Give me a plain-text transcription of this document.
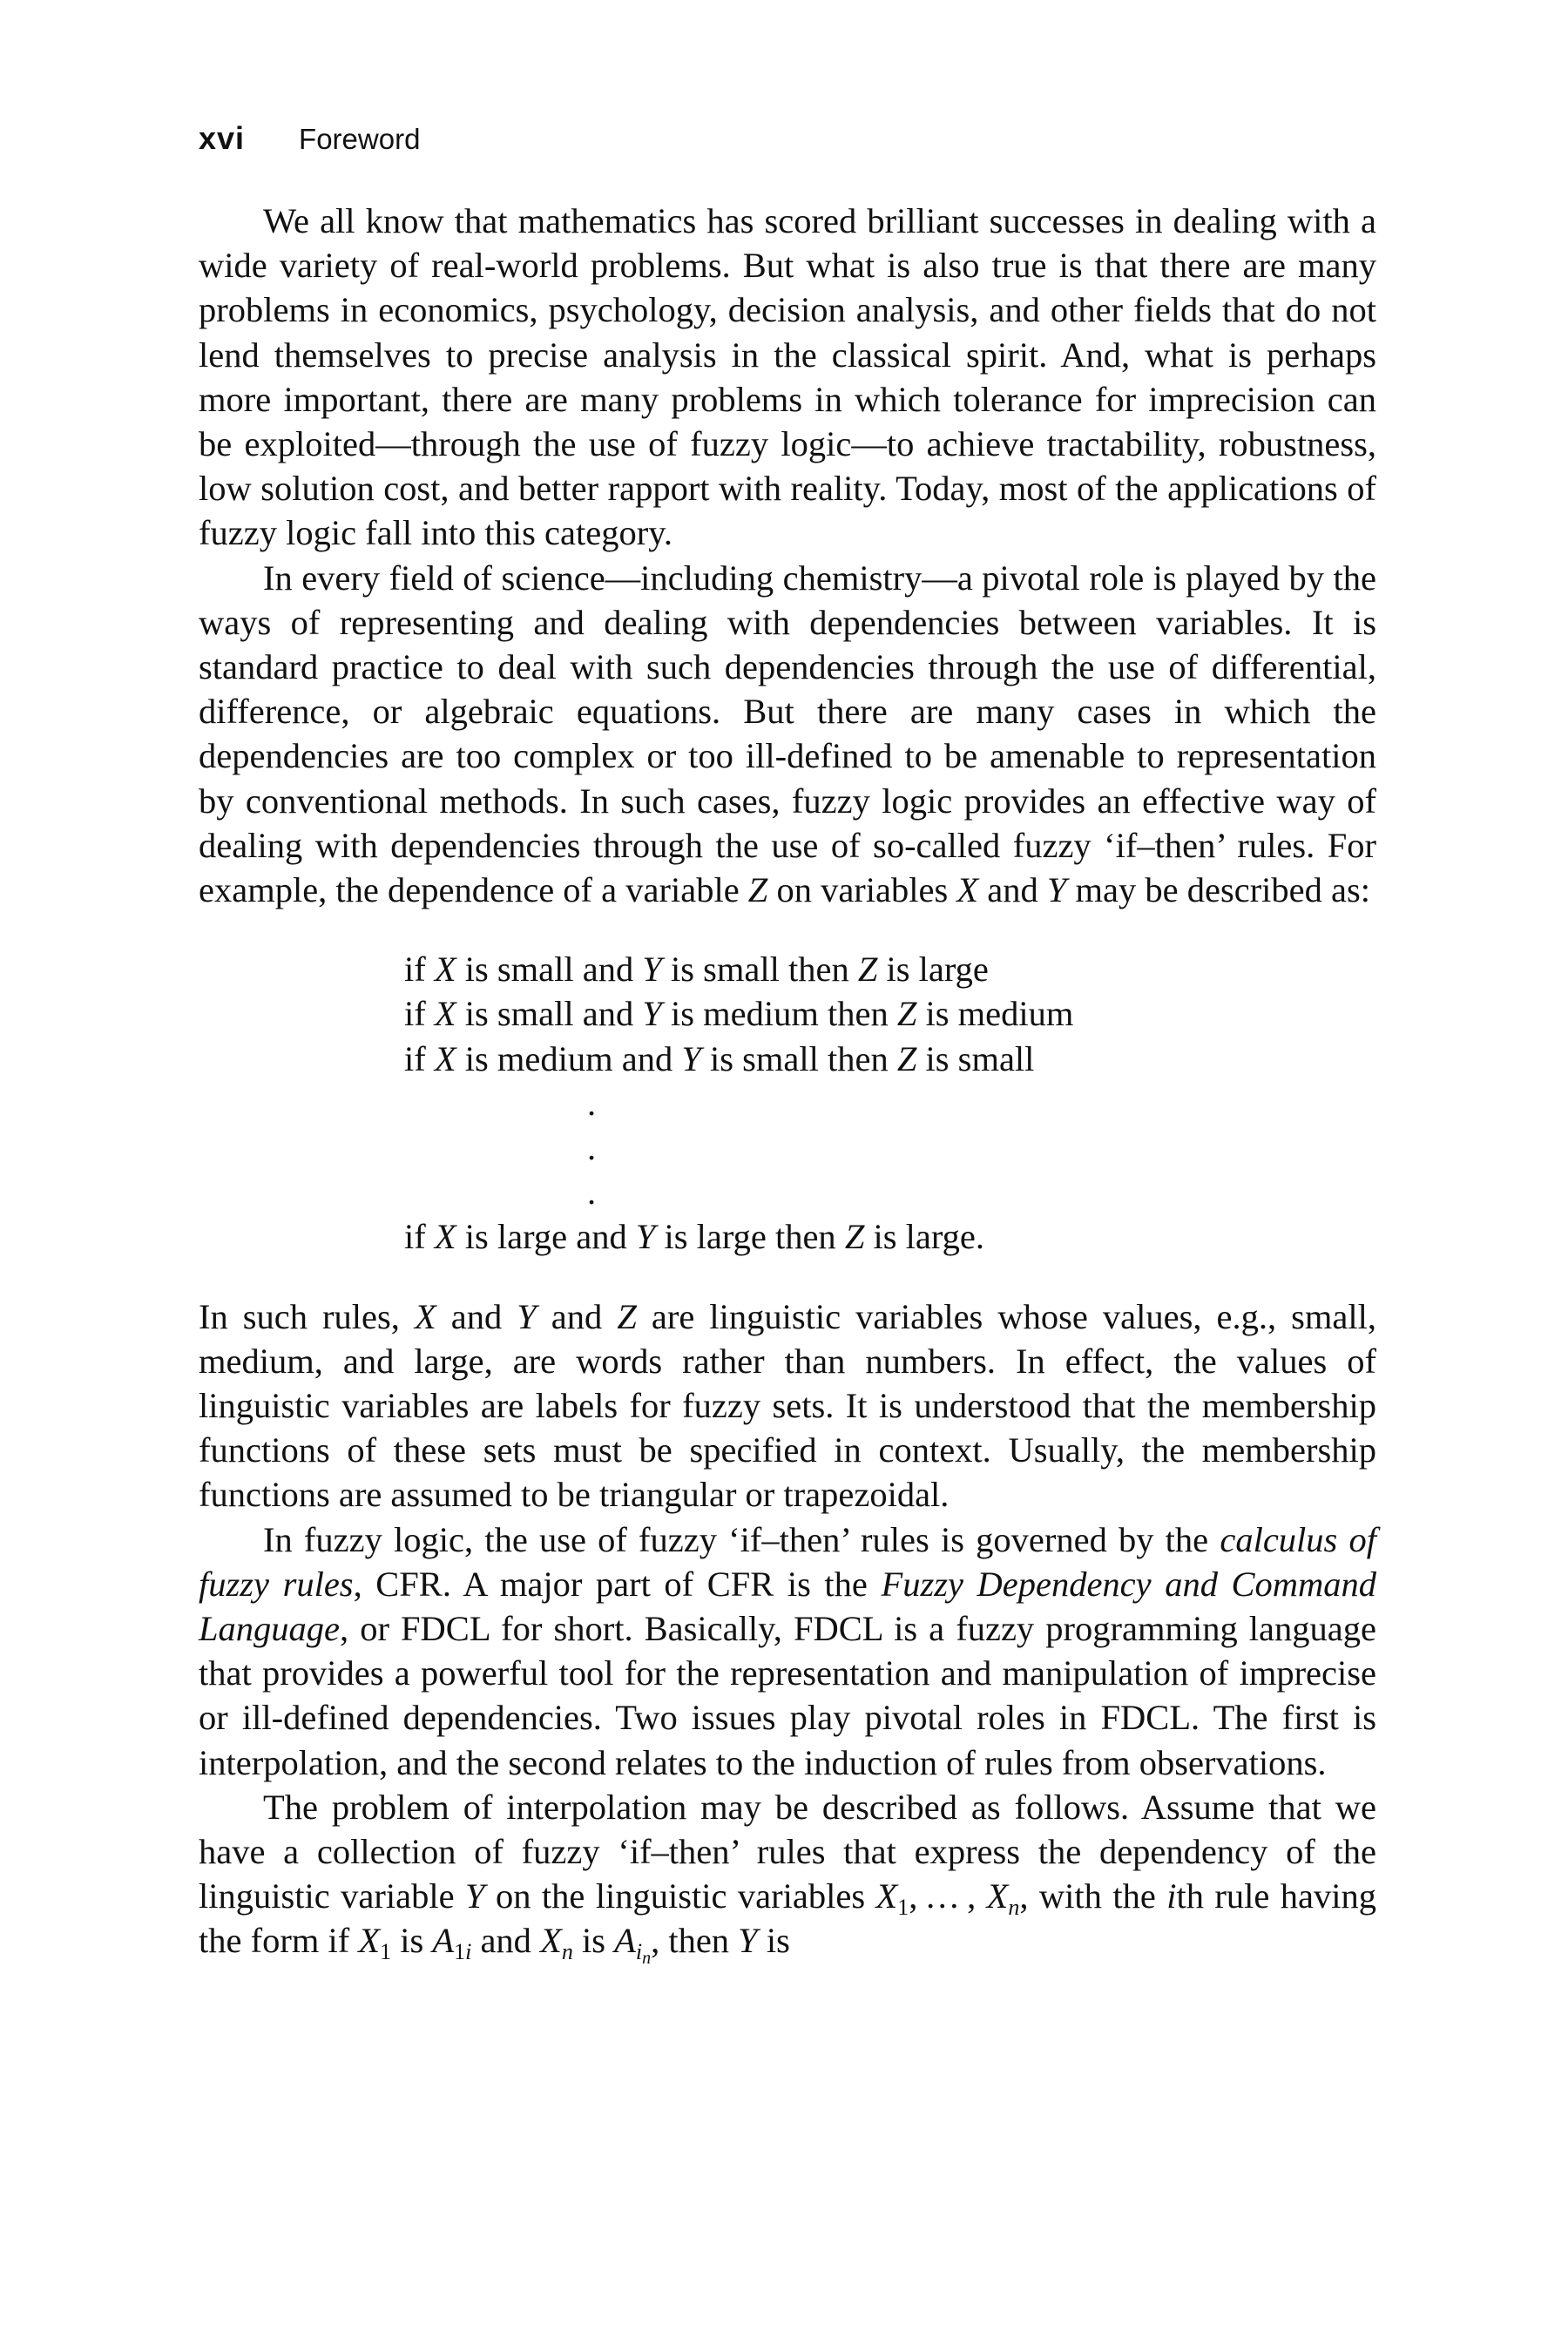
xvi Foreword

We all know that mathematics has scored brilliant successes in dealing with a wide variety of real-world problems. But what is also true is that there are many problems in economics, psychology, decision analysis, and other fields that do not lend themselves to precise analysis in the classical spirit. And, what is perhaps more important, there are many problems in which tolerance for imprecision can be exploited—through the use of fuzzy logic—to achieve tractability, robustness, low solution cost, and better rapport with reality. Today, most of the applications of fuzzy logic fall into this category.

In every field of science—including chemistry—a pivotal role is played by the ways of representing and dealing with dependencies between variables. It is standard practice to deal with such dependencies through the use of differential, difference, or algebraic equations. But there are many cases in which the dependencies are too complex or too ill-defined to be amenable to representation by conventional methods. In such cases, fuzzy logic provides an effective way of dealing with dependencies through the use of so-called fuzzy ‘if–then’ rules. For example, the dependence of a variable Z on variables X and Y may be described as:

if X is small and Y is small then Z is large
if X is small and Y is medium then Z is medium
if X is medium and Y is small then Z is small
.
.
.
if X is large and Y is large then Z is large.

In such rules, X and Y and Z are linguistic variables whose values, e.g., small, medium, and large, are words rather than numbers. In effect, the values of linguistic variables are labels for fuzzy sets. It is understood that the membership functions of these sets must be specified in context. Usually, the membership functions are assumed to be triangular or trapezoidal.

In fuzzy logic, the use of fuzzy ‘if–then’ rules is governed by the calculus of fuzzy rules, CFR. A major part of CFR is the Fuzzy Dependency and Command Language, or FDCL for short. Basically, FDCL is a fuzzy programming language that provides a powerful tool for the representation and manipulation of imprecise or ill-defined dependencies. Two issues play pivotal roles in FDCL. The first is interpolation, and the second relates to the induction of rules from observations.

The problem of interpolation may be described as follows. Assume that we have a collection of fuzzy ‘if–then’ rules that express the dependency of the linguistic variable Y on the linguistic variables $X_1$, … , $X_n$, with the ith rule having the form if $X_1$ is $A_{1i}$ and $X_n$ is $A_{i_n}$, then Y is
